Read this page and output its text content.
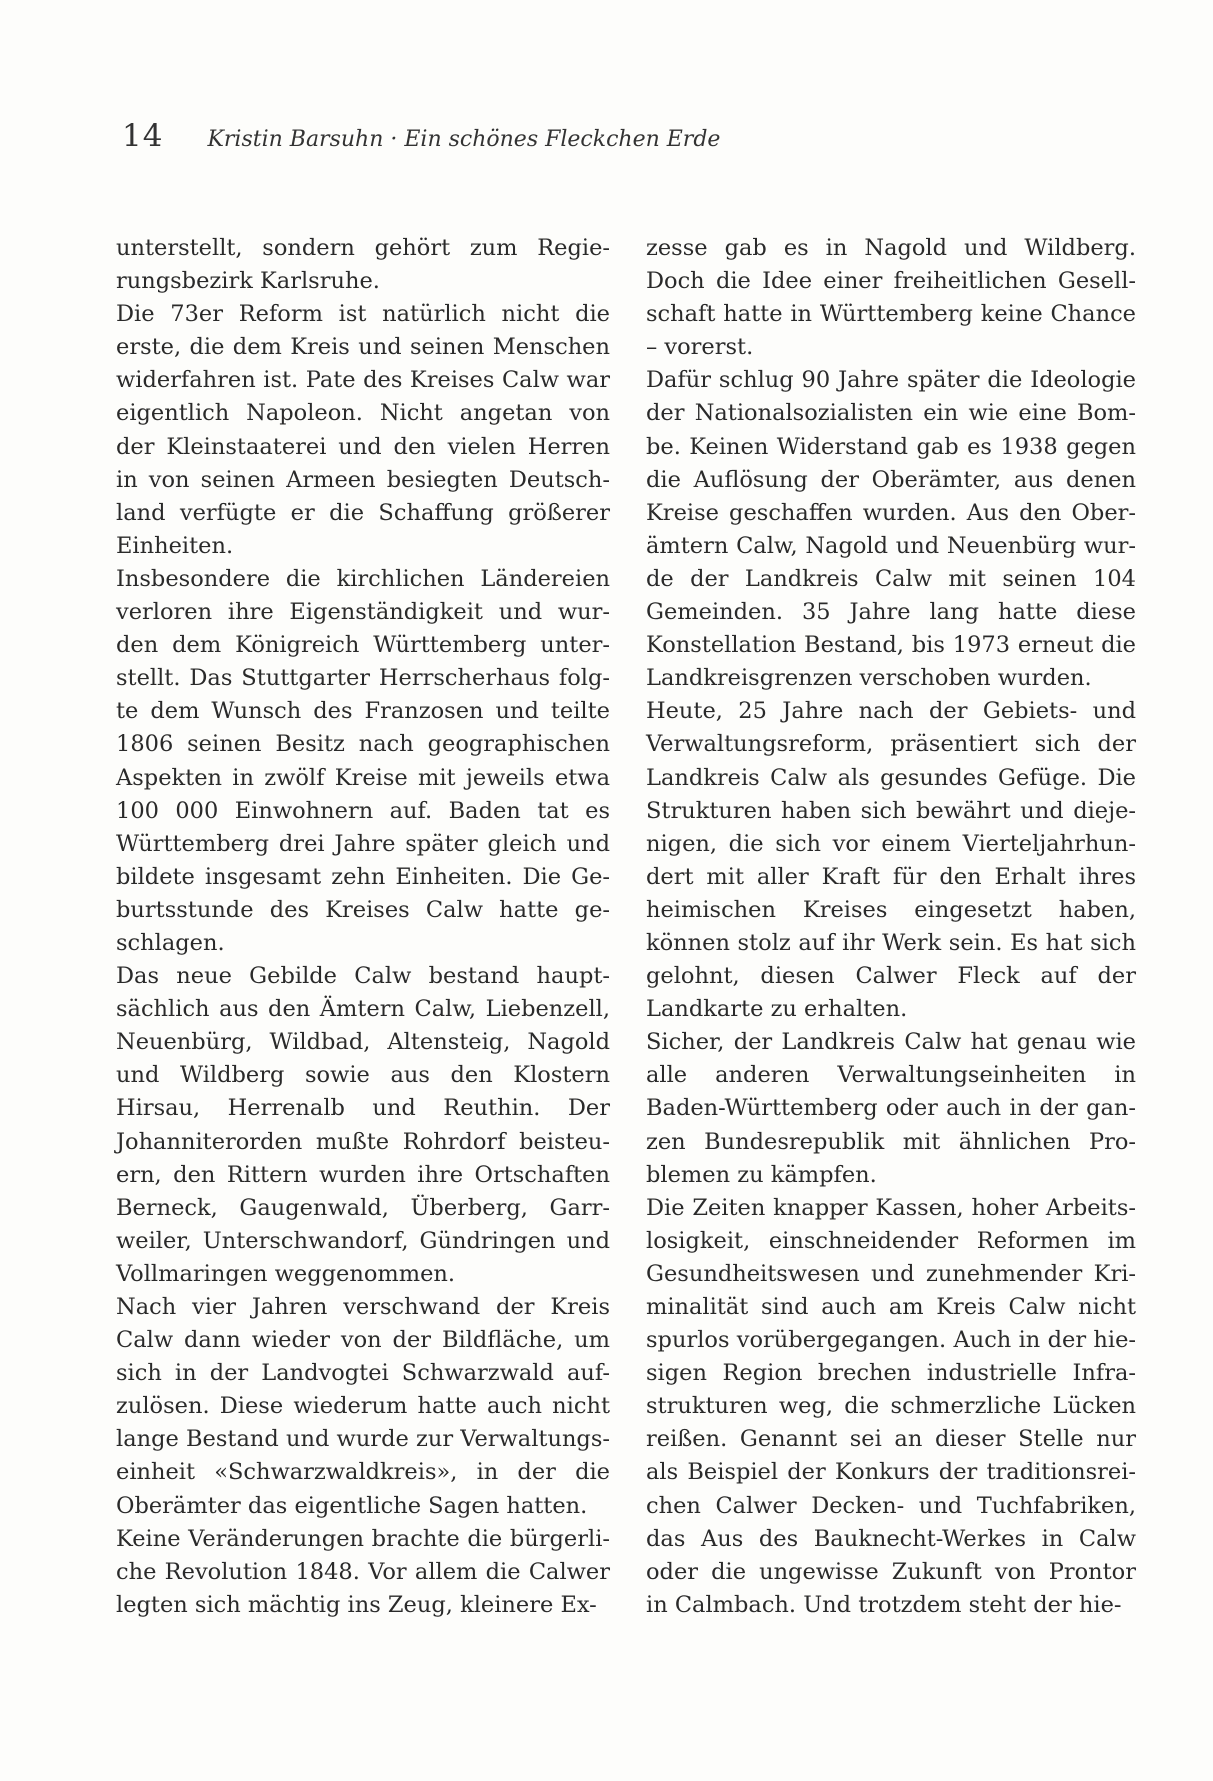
14 Kristin Barsuhn · Ein schönes Fleckchen Erde

unterstellt, sondern gehört zum Regie-
rungsbezirk Karlsruhe.

Die 73er Reform ist natürlich nicht die
erste, die dem Kreis und seinen Menschen
widerfahren ist. Pate des Kreises Calw war
eigentlich Napoleon. Nicht angetan von
der Kleinstaaterei und den vielen Herren
in von seinen Armeen besiegten Deutsch-
land verfügte er die Schaffung größerer
Einheiten.

Insbesondere die kirchlichen Ländereien
verloren ihre Eigenständigkeit und wur-
den dem Königreich Württemberg unter-
stellt. Das Stuttgarter Herrscherhaus folg-
te dem Wunsch des Franzosen und teilte
1806 seinen Besitz nach geographischen
Aspekten in zwölf Kreise mit jeweils etwa
100 000 Einwohnern auf. Baden tat es
Württemberg drei Jahre später gleich und
bildete insgesamt zehn Einheiten. Die Ge-
burtsstunde des Kreises Calw hatte ge-
schlagen.

Das neue Gebilde Calw bestand haupt-
sächlich aus den Ämtern Calw, Liebenzell,
Neuenbürg, Wildbad, Altensteig, Nagold
und Wildberg sowie aus den Klostern
Hirsau, Herrenalb und Reuthin. Der
Johanniterorden mußte Rohrdorf beisteu-
ern, den Rittern wurden ihre Ortschaften
Berneck, Gaugenwald, Überberg, Garr-
weiler, Unterschwandorf, Gündringen und
Vollmaringen weggenommen.

Nach vier Jahren verschwand der Kreis
Calw dann wieder von der Bildfläche, um
sich in der Landvogtei Schwarzwald auf-
zulösen. Diese wiederum hatte auch nicht
lange Bestand und wurde zur Verwaltungs-
einheit «Schwarzwaldkreis», in der die
Oberämter das eigentliche Sagen hatten.

Keine Veränderungen brachte die bürgerli-
che Revolution 1848. Vor allem die Calwer
legten sich mächtig ins Zeug, kleinere Ex-

zesse gab es in Nagold und Wildberg.
Doch die Idee einer freiheitlichen Gesell-
schaft hatte in Württemberg keine Chance
– vorerst.

Dafür schlug 90 Jahre später die Ideologie
der Nationalsozialisten ein wie eine Bom-
be. Keinen Widerstand gab es 1938 gegen
die Auflösung der Oberämter, aus denen
Kreise geschaffen wurden. Aus den Ober-
ämtern Calw, Nagold und Neuenbürg wur-
de der Landkreis Calw mit seinen 104
Gemeinden. 35 Jahre lang hatte diese
Konstellation Bestand, bis 1973 erneut die
Landkreisgrenzen verschoben wurden.

Heute, 25 Jahre nach der Gebiets- und
Verwaltungsreform, präsentiert sich der
Landkreis Calw als gesundes Gefüge. Die
Strukturen haben sich bewährt und dieje-
nigen, die sich vor einem Vierteljahrhun-
dert mit aller Kraft für den Erhalt ihres
heimischen Kreises eingesetzt haben,
können stolz auf ihr Werk sein. Es hat sich
gelohnt, diesen Calwer Fleck auf der
Landkarte zu erhalten.

Sicher, der Landkreis Calw hat genau wie
alle anderen Verwaltungseinheiten in
Baden-Württemberg oder auch in der gan-
zen Bundesrepublik mit ähnlichen Pro-
blemen zu kämpfen.

Die Zeiten knapper Kassen, hoher Arbeits-
losigkeit, einschneidender Reformen im
Gesundheitswesen und zunehmender Kri-
minalität sind auch am Kreis Calw nicht
spurlos vorübergegangen. Auch in der hie-
sigen Region brechen industrielle Infra-
strukturen weg, die schmerzliche Lücken
reißen. Genannt sei an dieser Stelle nur
als Beispiel der Konkurs der traditionsrei-
chen Calwer Decken- und Tuchfabriken,
das Aus des Bauknecht-Werkes in Calw
oder die ungewisse Zukunft von Prontor
in Calmbach. Und trotzdem steht der hie-
